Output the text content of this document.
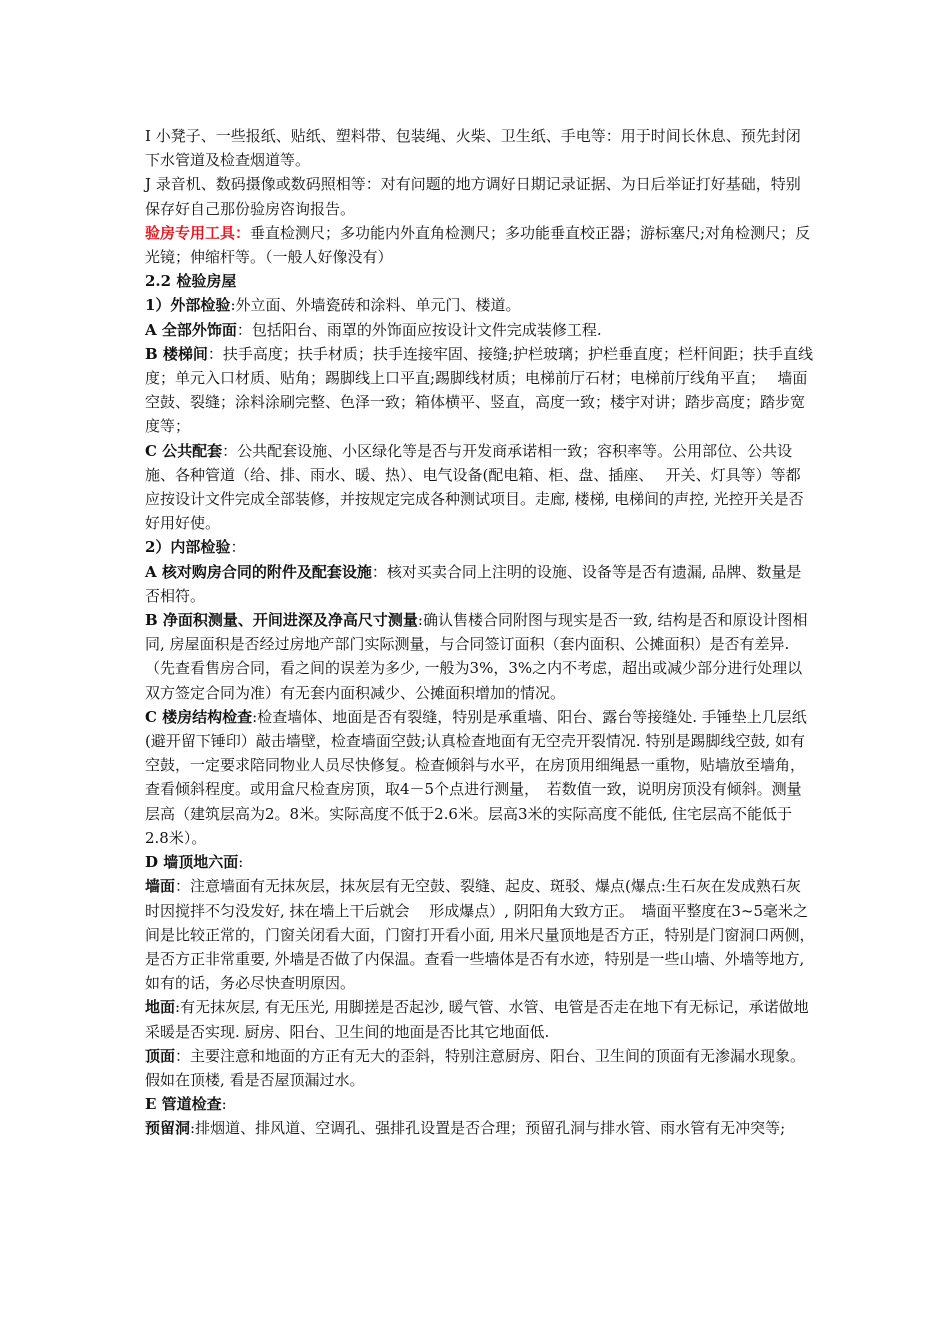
I 小凳子、一些报纸、贴纸、塑料带、包装绳、火柴、卫生纸、手电等：用于时间长休息、预先封闭下水管道及检查烟道等。

J 录音机、数码摄像或数码照相等：对有问题的地方调好日期记录证据、为日后举证打好基础，特别保存好自己那份验房咨询报告。

验房专用工具：垂直检测尺；多功能内外直角检测尺；多功能垂直校正器；游标塞尺;对角检测尺；反光镜；伸缩杆等。（一般人好像没有）

2.2 检验房屋

1）外部检验:外立面、外墙瓷砖和涂料、单元门、楼道。

A 全部外饰面：包括阳台、雨罩的外饰面应按设计文件完成装修工程.

B 楼梯间：扶手高度；扶手材质；扶手连接牢固、接缝;护栏玻璃；护栏垂直度；栏杆间距；扶手直线度；单元入口材质、贴角；踢脚线上口平直;踢脚线材质；电梯前厅石材；电梯前厅线角平直；　 墙面空鼓、裂缝；涂料涂刷完整、色泽一致；箱体横平、竖直，高度一致；楼宇对讲；踏步高度；踏步宽度等；

C 公共配套：公共配套设施、小区绿化等是否与开发商承诺相一致；容积率等。公用部位、公共设施、各种管道（给、排、雨水、暖、热）、电气设备(配电箱、柜、盘、插座、　 开关、灯具等）等都应按设计文件完成全部装修，并按规定完成各种测试项目。走廊, 楼梯, 电梯间的声控, 光控开关是否好用好使。

2）内部检验：

A 核对购房合同的附件及配套设施：核对买卖合同上注明的设施、设备等是否有遗漏, 品牌、数量是否相符。

B 净面积测量、开间进深及净高尺寸测量:确认售楼合同附图与现实是否一致, 结构是否和原设计图相同, 房屋面积是否经过房地产部门实际测量，与合同签订面积（套内面积、公摊面积）是否有差异.（先查看售房合同，看之间的误差为多少, 一般为3%，3%之内不考虑，超出或减少部分进行处理以双方签定合同为准）有无套内面积减少、公摊面积增加的情况。

C 楼房结构检查:检查墙体、地面是否有裂缝，特别是承重墙、阳台、露台等接缝处. 手锤垫上几层纸(避开留下锤印）敲击墙壁，检查墙面空鼓;认真检查地面有无空壳开裂情况. 特别是踢脚线空鼓, 如有空鼓，一定要求陪同物业人员尽快修复。检查倾斜与水平，在房顶用细绳悬一重物，贴墙放至墙角，查看倾斜程度。或用盒尺检查房顶，取4－5个点进行测量，　若数值一致，说明房顶没有倾斜。测量层高（建筑层高为2。8米。实际高度不低于2.6米。层高3米的实际高度不能低, 住宅层高不能低于2.8米）。

D 墙顶地六面:

墙面：注意墙面有无抹灰层，抹灰层有无空鼓、裂缝、起皮、斑驳、爆点(爆点:生石灰在发成熟石灰时因搅拌不匀没发好, 抹在墙上干后就会　 形成爆点）, 阴阳角大致方正。　墙面平整度在3~5毫米之间是比较正常的，门窗关闭看大面，门窗打开看小面, 用米尺量顶地是否方正，特别是门窗洞口两侧，是否方正非常重要, 外墙是否做了内保温。查看一些墙体是否有水迹，特别是一些山墙、外墙等地方, 如有的话，务必尽快查明原因。

地面:有无抹灰层, 有无压光, 用脚搓是否起沙, 暖气管、水管、电管是否走在地下有无标记，承诺做地采暖是否实现. 厨房、阳台、卫生间的地面是否比其它地面低.

顶面：主要注意和地面的方正有无大的歪斜，特别注意厨房、阳台、卫生间的顶面有无渗漏水现象。假如在顶楼, 看是否屋顶漏过水。

E 管道检查:

预留洞:排烟道、排风道、空调孔、强排孔设置是否合理；预留孔洞与排水管、雨水管有无冲突等;
